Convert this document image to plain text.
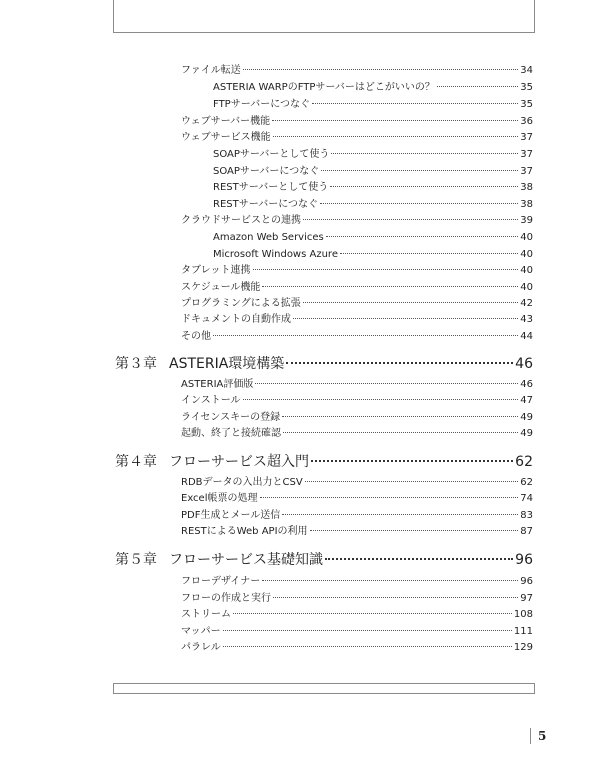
ファイル転送	34
ASTERIA WARPのFTPサーバーはどこがいいの？	35
FTPサーバーにつなぐ	35
ウェブサーバー機能	36
ウェブサービス機能	37
SOAPサーバーとして使う	37
SOAPサーバーにつなぐ	37
RESTサーバーとして使う	38
RESTサーバーにつなぐ	38
クラウドサービスとの連携	39
Amazon Web Services	40
Microsoft Windows Azure	40
タブレット連携	40
スケジュール機能	40
プログラミングによる拡張	42
ドキュメントの自動作成	43
その他	44
第３章 ASTERIA環境構築	46
ASTERIA評価版	46
インストール	47
ライセンスキーの登録	49
起動、終了と接続確認	49
第４章 フローサービス超入門	62
RDBデータの入出力とCSV	62
Excel帳票の処理	74
PDF生成とメール送信	83
RESTによるWeb APIの利用	87
第５章 フローサービス基礎知識	96
フローデザイナー	96
フローの作成と実行	97
ストリーム	108
マッパー	111
パラレル	129
5
